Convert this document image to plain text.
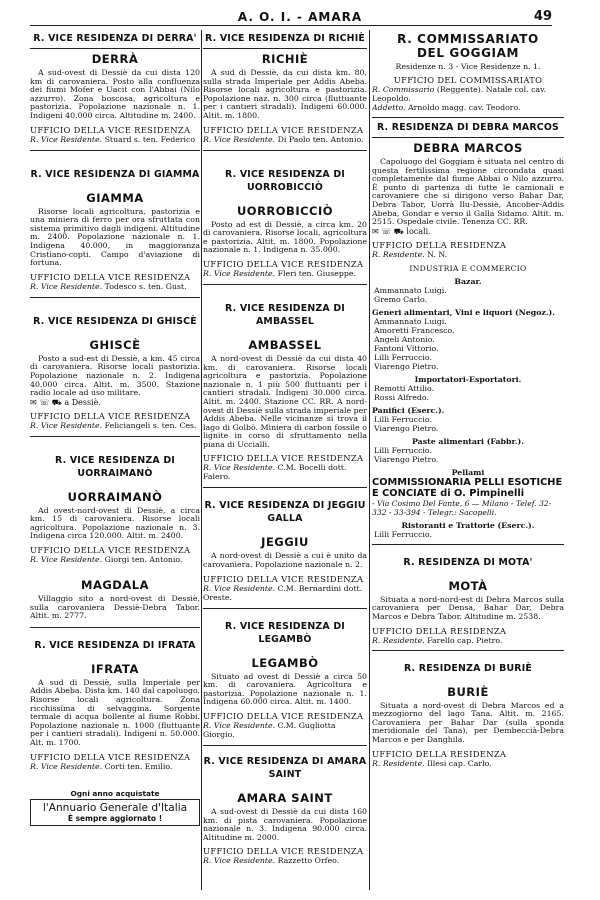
A. O. I. - AMARA	49
R. VICE RESIDENZA DI DERRA'
DERRÀ

A sud-ovest di Dessiè da cui dista 120 km di carovaniera. Posto alla confluenza dei fiumi Mofer e Uacit con l'Abbai (Nilo azzurro). Zona boscosa, agricoltura e pastorizia. Popolazione nazionale n. 1. Indigeni 40.000 circa. Altitudine m. 2400.

UFFICIO DELLA VICE RESIDENZA

R. Vice Residente. Stuard s. ten. Federico

R. VICE RESIDENZA DI GIAMMA
GIAMMA

Risorse locali agricoltura, pastorizia e una miniera di ferro per ora sfruttata con sistema primitivo dagli indigeni. Altitudine m. 2400. Popolazione nazionale n. 1. Indigena 40.000, in maggioranza Cristiano-copti. Campo d'aviazione di fortuna.

UFFICIO DELLA VICE RESIDENZA

R. Vice Residente. Todesco s. ten. Gust.

R. VICE RESIDENZA DI GHISCÈ
GHISCÈ

Posto a sud-est di Dessiè, a km. 45 circa di carovaniera. Risorse locali pastorizia. Popolazione nazionale n. 2. Indigena 40.000 circa. Altit. m. 3500. Stazione radio locale ad uso militare.

✉ ☏ ⛟ a Dessiè.

UFFICIO DELLA VICE RESIDENZA

R. Vice Residente. Feliciangeli s. ten. Ces.

R. VICE RESIDENZA DI UORRAIMANÒ
UORRAIMANÒ

Ad ovest-nord-ovest di Dessiè, a circa km. 15 di carovaniera. Risorse locali agricoltura. Popolazione nazionale n. 3. Indigena circa 120.000. Altit. m. 2400.

UFFICIO DELLA VICE RESIDENZA

R. Vice Residente. Giorgi ten. Antonio.

MAGDALA

Villaggio sito a nord-ovest di Dessiè, sulla carovaniera Dessiè-Debra Tabor. Altit. m. 2777.

R. VICE RESIDENZA DI IFRATA
IFRATA

A sud di Dessiè, sulla Imperiale per Addis Abeba. Dista km. 140 dal capoluogo. Risorse locali agricoltura. Zona ricchissima di selvaggina. Sorgente termale di acqua bollente al fiume Robbi. Popolazione nazionale n. 1000 (fluttuante per i cantieri stradali). Indigeni n. 50.000. Alt. m. 1700.

UFFICIO DELLA VICE RESIDENZA

R. Vice Residente. Corti ten. Emilio.

Ogni anno acquistate

l'Annuario Generale d'Italia

È sempre aggiornato !

R. VICE RESIDENZA DI RICHIÈ
RICHIÈ

A sud di Dessiè, da cui dista km. 80, sulla strada Imperiale per Addis Abeba. Risorse locali agricoltura e pastorizia. Popolazione naz. n. 300 circa (fluttuante per i cantieri stradali). Indigeni 60.000. Altit. m. 1800.

UFFICIO DELLA VICE RESIDENZA

R. Vice Residente. Di Paolo ten. Antonio.

R. VICE RESIDENZA DI UORROBICCIÒ
UORROBICCIÒ

Posto ad est di Dessiè, a circa km. 20 di carovaniera. Risorse locali, agricoltura e pastorizia. Altit. m. 1800. Popolazione nazionale n. 1. Indigena n. 35.000.

UFFICIO DELLA VICE RESIDENZA

R. Vice Residente. Fleri ten. Giuseppe.

R. VICE RESIDENZA DI AMBASSEL
AMBASSEL

A nord-ovest di Dessiè da cui dista 40 km. di carovaniera. Risorse locali agricoltura e pastorizia. Popolazione nazionale n. 1 più 500 fluttuanti per i cantieri stradali. Indigeni 30.000 circa. Altit. m. 2400. Stazione CC. RR. A nord-ovest di Dessiè sulla strada imperiale per Addis Abeba. Nelle vicinanze si trova il lago di Golbò. Miniera di carbon fossile o lignite in corso di sfruttamento nella piana di Uccialli.

UFFICIO DELLA VICE RESIDENZA

R. Vice Residente. C.M. Bocelli dott. Falero.

R. VICE RESIDENZA DI JEGGIU GALLA
JEGGIU

A nord-ovest di Dessiè a cui è unito da carovaniera. Popolazione nazionale n. 2.

UFFICIO DELLA VICE RESIDENZA

R. Vice Residente. C.M. Bernardini dott. Oreste.

R. VICE RESIDENZA DI LEGAMBÒ
LEGAMBÒ

Situato ad ovest di Dessiè a circa 50 km. di carovaniera. Agricoltura e pastorizia. Popolazione nazionale n. 1. Indigena 60.000 circa. Altit. m. 1400.

UFFICIO DELLA VICE RESIDENZA

R. Vice Residente. C.M. Gugliotta Giorgio.

R. VICE RESIDENZA DI AMARA SAINT
AMARA SAINT

A sud-ovest di Dessiè da cui dista 160 km. di pista carovaniera. Popolazione nazionale n. 3. Indigena 90.000 circa. Altitudine m. 2000.

UFFICIO DELLA VICE RESIDENZA

R. Vice Residente. Razzetto Orfeo.

R. COMMISSARIATO
DEL GOGGIAM

Residenze n. 3 - Vice Residenze n. 1.

UFFICIO DEL COMMISSARIATO

R. Commissario (Reggente). Natale col. cav. Leopoldo.

Addetto. Arnoldo magg. cav. Teodoro.

R. RESIDENZA DI DEBRA MARCOS
DEBRA MARCOS

Capoluogo del Goggiam è situata nel centro di questa fertilissima regione circondata quasi completamente dal fiume Abbai o Nilo azzurro. È punto di partenza di tutte le camionali e carovaniere che si dirigono verso Bahar Dar, Debra Tabor, Uorrà Ilu-Dessiè, Ancober-Addis Abeba, Gondar e verso il Galla Sidamo. Altit. m. 2515. Ospedale civile. Tenenza CC. RR.

✉ ☏ ⛟ locali.

UFFICIO DELLA RESIDENZA

R. Residente. N. N.

INDUSTRIA E COMMERCIO
Bazar.

Ammannato Luigi.

Gremo Carlo.

Generi alimentari, Vini e liquori (Negoz.).

Ammannato Luigi.

Amoretti Francesco.

Angeli Antonio.

Fantoni Vittorio.

Lilli Ferruccio.

Viarengo Pietro.

Importatori-Esportatori.

Remotti Attilio.

Rossi Alfredo.

Panifici (Eserc.).

Lilli Ferruccio.

Viarengo Pietro.

Paste alimentari (Fabbr.).

Lilli Ferruccio.

Viarengo Pietro.

Pellami

COMMISSIONARIA PELLI ESOTICHE E CONCIATE di O. Pimpinelli

- Via Cosimo Del Fante, 6 — Milano - Telef. 32-332 - 33-394 - Telegr.: Sacopelli.

Ristoranti e Trattorie (Eserc.).

Lilli Ferruccio.

R. RESIDENZA DI MOTA'
MOTÀ

Situata a nord-nord-est di Debra Marcos sulla carovaniera per Densa, Bahar Dar, Debra Marcos e Debra Tabor. Altitudine m. 2538.

UFFICIO DELLA RESIDENZA

R. Residente. Farello cap. Pietro.

R. RESIDENZA DI BURIÈ
BURIÈ

Situata a nord-ovest di Debra Marcos ed a mezzogiorno del lago Tana. Altit. m. 2165. Carovaniera per Bahar Dar (sulla sponda meridionale del Tana), per Dembeccià-Debra Marcos e per Danghila.

UFFICIO DELLA RESIDENZA

R. Residente. Illesi cap. Carlo.
